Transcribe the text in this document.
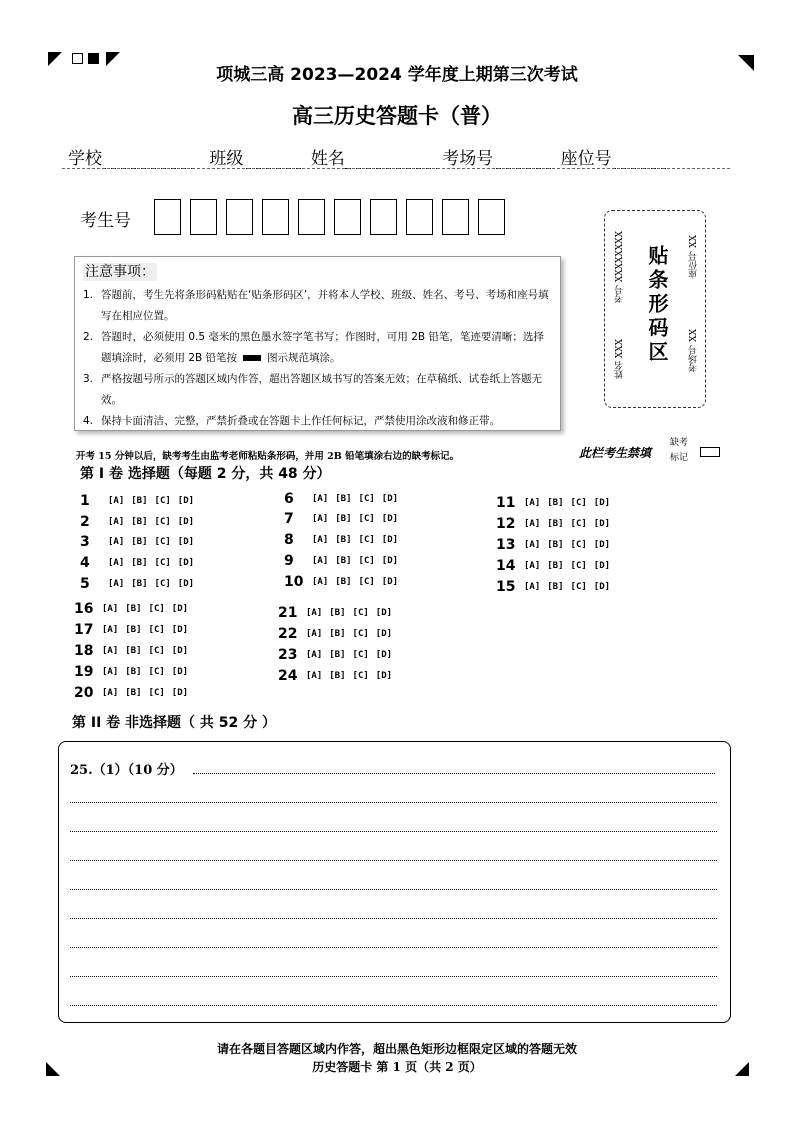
项城三高 2023—2024 学年度上期第三次考试
高三历史答题卡（普）
学校	班级	姓名	考场号	座位号
考生号
注意事项：
1. 答题前，考生先将条形码粘贴在‘贴条形码区’，并将本人学校、班级、姓名、考号、考场和座号填写在相应位置。
2. 答题时，必须使用 0.5 毫米的黑色墨水签字笔书写；作图时，可用 2B 铅笔，笔迹要清晰；选择题填涂时，必须用 2B 铅笔按	图示规范填涂。
3. 严格按题号所示的答题区域内作答，超出答题区域书写的答案无效；在草稿纸、试卷纸上答题无效。
4. 保持卡面清洁、完整，严禁折叠或在答题卡上作任何标记，严禁使用涂改液和修正带。
姓名 XXX
考号 XXXXXXXX 贴条形码区	座位号 XX
考场号 XX
开考 15 分钟以后，缺考考生由监考老师粘贴条形码，并用 2B 铅笔填涂右边的缺考标记。	此栏考生禁填
缺考标记
第 I 卷 选择题（每题 2 分，共 48 分）
1	[A] [B] [C] [D]
2	[A] [B] [C] [D]
3	[A] [B] [C] [D]
4	[A] [B] [C] [D]
5	[A] [B] [C] [D]
6	[A] [B] [C] [D]
7	[A] [B] [C] [D]
8	[A] [B] [C] [D]
9	[A] [B] [C] [D]
10 [A] [B] [C] [D]
11 [A] [B] [C] [D]
12 [A] [B] [C] [D]
13 [A] [B] [C] [D]
14 [A] [B] [C] [D]
15 [A] [B] [C] [D]
16 [A] [B] [C] [D]
17 [A] [B] [C] [D]
18 [A] [B] [C] [D]
19 [A] [B] [C] [D]
20 [A] [B] [C] [D]
21 [A] [B] [C] [D]
22 [A] [B] [C] [D]
23 [A] [B] [C] [D]
24 [A] [B] [C] [D]
第 II 卷 非选择题（ 共 52 分 ）
25.（1）（10 分）
请在各题目答题区域内作答，超出黑色矩形边框限定区域的答题无效
历史答题卡 第 1 页（共 2 页）
